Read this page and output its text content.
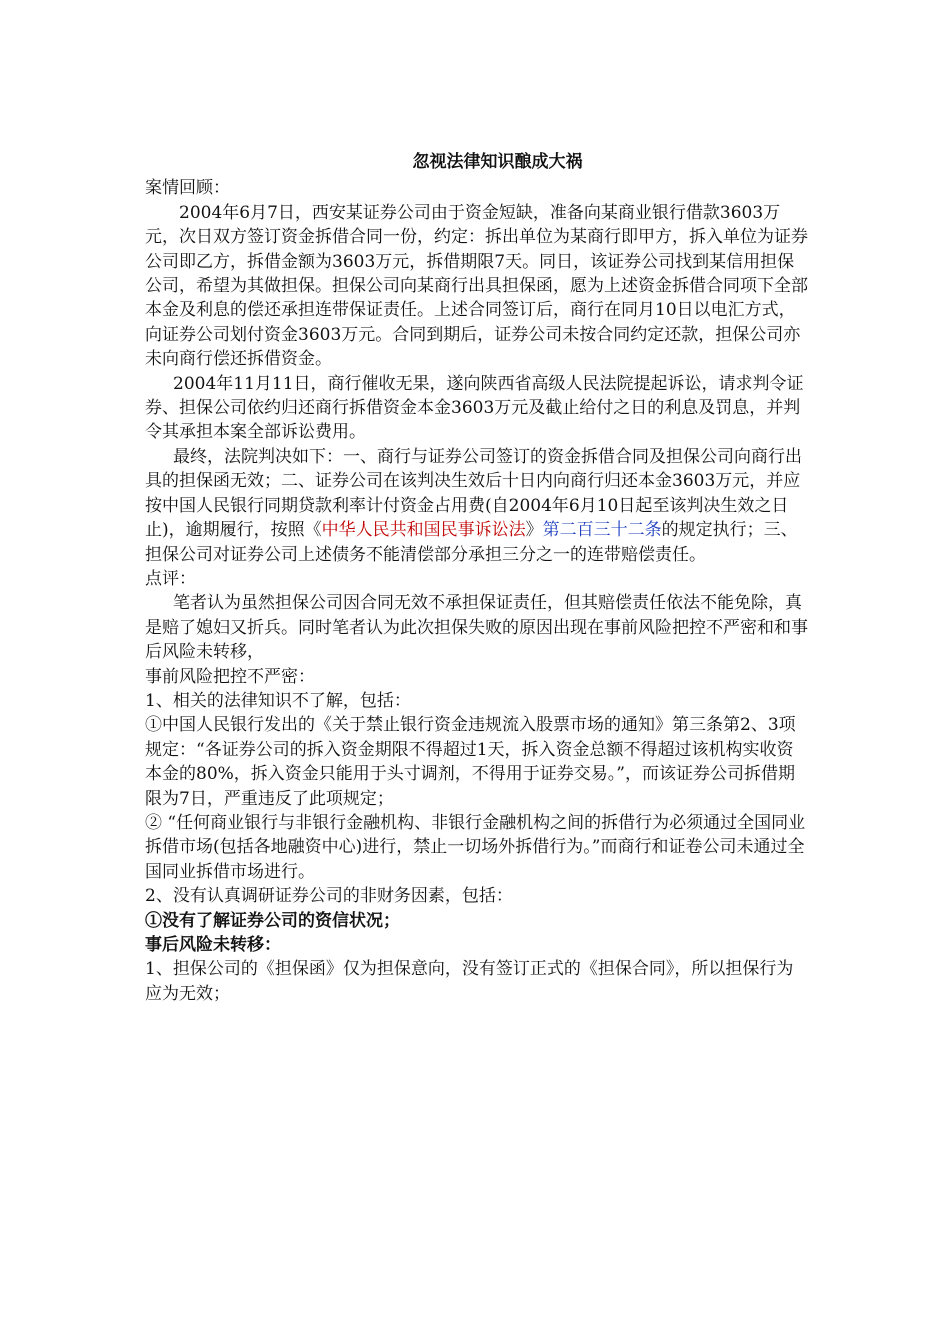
忽视法律知识酿成大祸

案情回顾：

2004年6月7日，西安某证券公司由于资金短缺，准备向某商业银行借款3603万元，次日双方签订资金拆借合同一份，约定：拆出单位为某商行即甲方，拆入单位为证券公司即乙方，拆借金额为3603万元，拆借期限7天。同日，该证券公司找到某信用担保公司，希望为其做担保。担保公司向某商行出具担保函，愿为上述资金拆借合同项下全部本金及利息的偿还承担连带保证责任。上述合同签订后，商行在同月10日以电汇方式，向证券公司划付资金3603万元。合同到期后，证券公司未按合同约定还款，担保公司亦未向商行偿还拆借资金。

2004年11月11日，商行催收无果，遂向陕西省高级人民法院提起诉讼，请求判令证券、担保公司依约归还商行拆借资金本金3603万元及截止给付之日的利息及罚息，并判令其承担本案全部诉讼费用。

最终，法院判决如下：一、商行与证券公司签订的资金拆借合同及担保公司向商行出具的担保函无效；二、证券公司在该判决生效后十日内向商行归还本金3603万元，并应按中国人民银行同期贷款利率计付资金占用费(自2004年6月10日起至该判决生效之日止)，逾期履行，按照《中华人民共和国民事诉讼法》第二百三十二条的规定执行；三、担保公司对证券公司上述债务不能清偿部分承担三分之一的连带赔偿责任。

点评：

笔者认为虽然担保公司因合同无效不承担保证责任，但其赔偿责任依法不能免除，真是赔了媳妇又折兵。同时笔者认为此次担保失败的原因出现在事前风险把控不严密和和事后风险未转移，

事前风险把控不严密：

1、相关的法律知识不了解，包括：

①中国人民银行发出的《关于禁止银行资金违规流入股票市场的通知》第三条第2、3项规定：“各证券公司的拆入资金期限不得超过1天，拆入资金总额不得超过该机构实收资本金的80%，拆入资金只能用于头寸调剂，不得用于证券交易。”，而该证券公司拆借期限为7日，严重违反了此项规定；

② “任何商业银行与非银行金融机构、非银行金融机构之间的拆借行为必须通过全国同业拆借市场(包括各地融资中心)进行，禁止一切场外拆借行为。”而商行和证卷公司未通过全国同业拆借市场进行。

2、没有认真调研证券公司的非财务因素，包括：

①没有了解证券公司的资信状况；

事后风险未转移：

1、担保公司的《担保函》仅为担保意向，没有签订正式的《担保合同》，所以担保行为应为无效；
